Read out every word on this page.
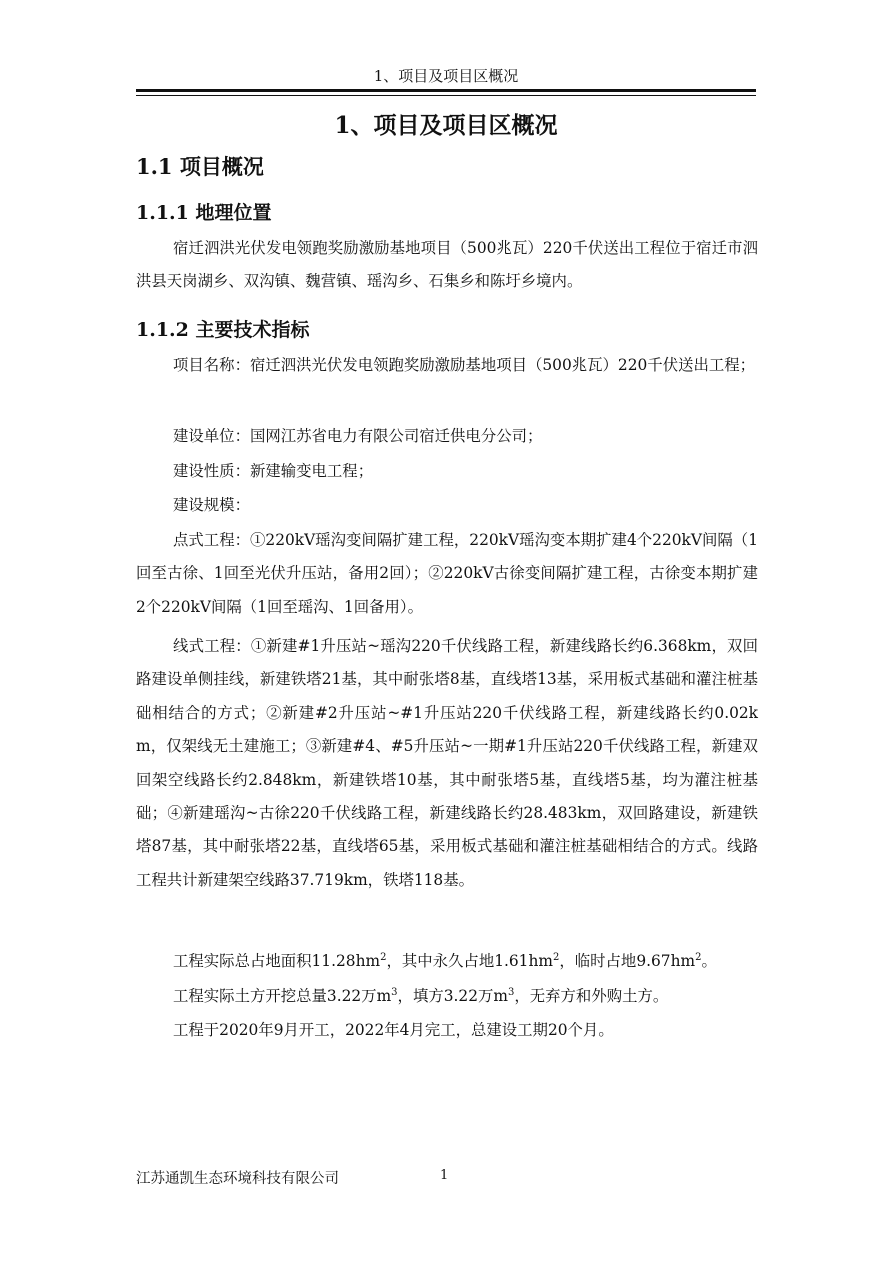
1、项目及项目区概况
1、项目及项目区概况
1.1 项目概况
1.1.1 地理位置
宿迁泗洪光伏发电领跑奖励激励基地项目（500兆瓦）220千伏送出工程位于宿迁市泗洪县天岗湖乡、双沟镇、魏营镇、瑶沟乡、石集乡和陈圩乡境内。
1.1.2 主要技术指标
项目名称：宿迁泗洪光伏发电领跑奖励激励基地项目（500兆瓦）220千伏送出工程；
建设单位：国网江苏省电力有限公司宿迁供电分公司；
建设性质：新建输变电工程；
建设规模：
点式工程：①220kV瑶沟变间隔扩建工程，220kV瑶沟变本期扩建4个220kV间隔（1回至古徐、1回至光伏升压站，备用2回）；②220kV古徐变间隔扩建工程，古徐变本期扩建2个220kV间隔（1回至瑶沟、1回备用）。
线式工程：①新建#1升压站~瑶沟220千伏线路工程，新建线路长约6.368km，双回路建设单侧挂线，新建铁塔21基，其中耐张塔8基，直线塔13基，采用板式基础和灌注桩基础相结合的方式；②新建#2升压站~#1升压站220千伏线路工程，新建线路长约0.02km，仅架线无土建施工；③新建#4、#5升压站~一期#1升压站220千伏线路工程，新建双回架空线路长约2.848km，新建铁塔10基，其中耐张塔5基，直线塔5基，均为灌注桩基础；④新建瑶沟~古徐220千伏线路工程，新建线路长约28.483km，双回路建设，新建铁塔87基，其中耐张塔22基，直线塔65基，采用板式基础和灌注桩基础相结合的方式。线路工程共计新建架空线路37.719km，铁塔118基。
工程实际总占地面积$11.28hm^2$，其中永久占地$1.61hm^2$，临时占地$9.67hm^2$。
工程实际土方开挖总量3.22万$m^3$，填方3.22万$m^3$，无弃方和外购土方。
工程于2020年9月开工，2022年4月完工，总建设工期20个月。
江苏通凯生态环境科技有限公司	1
